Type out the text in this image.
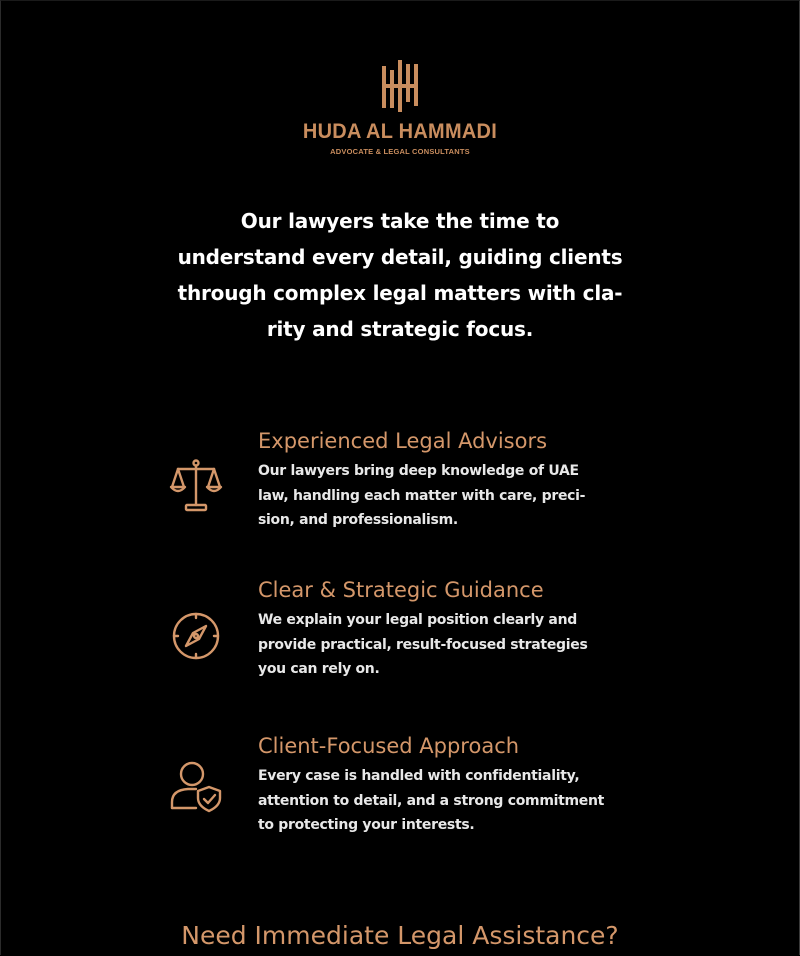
HUDA AL HAMMADI
ADVOCATE & LEGAL CONSULTANTS

Our lawyers take the time to
understand every detail, guiding clients
through complex legal matters with cla-
rity and strategic focus.

Experienced Legal Advisors

Our lawyers bring deep knowledge of UAE
law, handling each matter with care, preci-
sion, and professionalism.

Clear & Strategic Guidance

We explain your legal position clearly and
provide practical, result-focused strategies
you can rely on.

Client-Focused Approach

Every case is handled with confidentiality,
attention to detail, and a strong commitment
to protecting your interests.

Need Immediate Legal Assistance?
